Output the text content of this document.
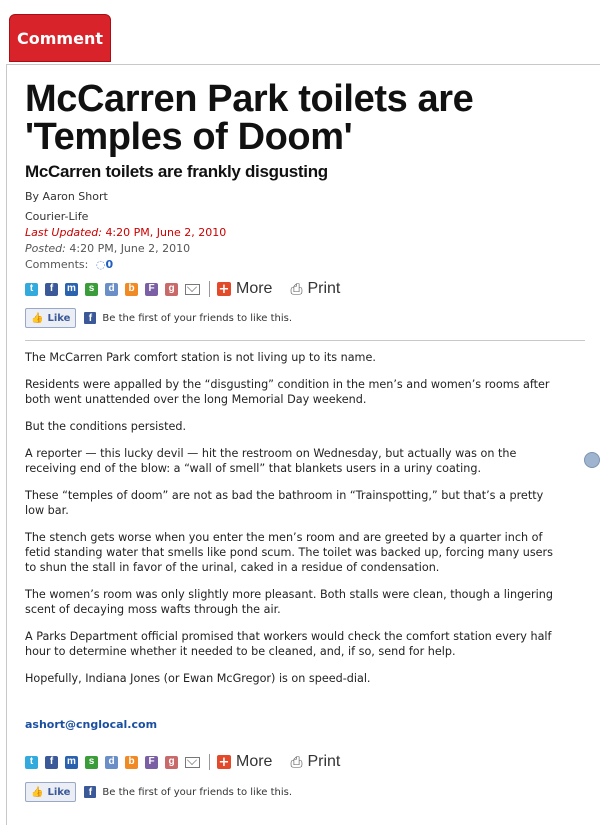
Comment
McCarren Park toilets are 'Temples of Doom'
McCarren toilets are frankly disgusting
By Aaron Short
Courier-Life
Last Updated: 4:20 PM, June 2, 2010
Posted: 4:20 PM, June 2, 2010
Comments: ◌0
t	f	m	s	d	b	F	g	+ More ⎙ Print
👍 Like	f	Be the first of your friends to like this.

The McCarren Park comfort station is not living up to its name.

Residents were appalled by the “disgusting” condition in the men’s and women’s rooms after both went unattended over the long Memorial Day weekend.

But the conditions persisted.

A reporter — this lucky devil — hit the restroom on Wednesday, but actually was on the receiving end of the blow: a “wall of smell” that blankets users in a uriny coating.

These “temples of doom” are not as bad the bathroom in “Trainspotting,” but that’s a pretty low bar.

The stench gets worse when you enter the men’s room and are greeted by a quarter inch of fetid standing water that smells like pond scum. The toilet was backed up, forcing many users to shun the stall in favor of the urinal, caked in a residue of condensation.

The women’s room was only slightly more pleasant. Both stalls were clean, though a lingering scent of decaying moss wafts through the air.

A Parks Department official promised that workers would check the comfort station every half hour to determine whether it needed to be cleaned, and, if so, send for help.

Hopefully, Indiana Jones (or Ewan McGregor) is on speed-dial.

ashort@cnglocal.com
t	f	m	s	d	b	F	g	+ More ⎙ Print
👍 Like	f	Be the first of your friends to like this.
